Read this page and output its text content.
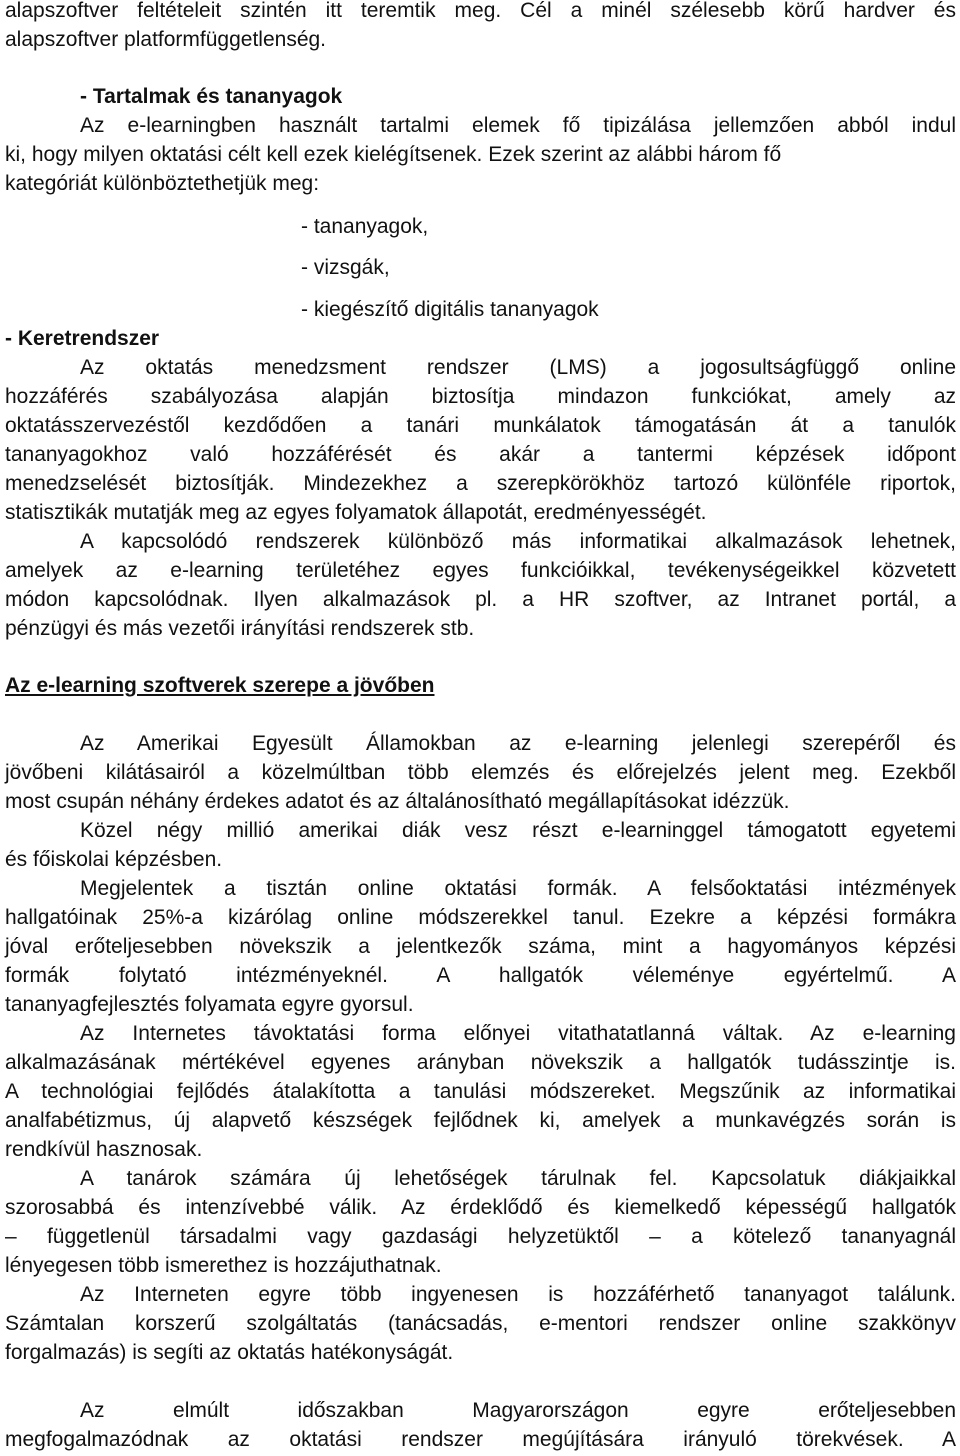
alapszoftver feltételeit szintén itt teremtik meg. Cél a minél szélesebb körű hardver és
alapszoftver platformfüggetlenség.
- Tartalmak és tananyagok
Az e-learningben használt tartalmi elemek fő tipizálása jellemzően abból indul
ki, hogy milyen oktatási célt kell ezek kielégítsenek. Ezek szerint az alábbi három fő
kategóriát különböztethetjük meg:
- tananyagok,
- vizsgák,
- kiegészítő digitális tananyagok
- Keretrendszer
Az oktatás menedzsment rendszer (LMS) a jogosultságfüggő online
hozzáférés szabályozása alapján biztosítja mindazon funkciókat, amely az
oktatásszervezéstől kezdődően a tanári munkálatok támogatásán át a tanulók
tananyagokhoz való hozzáférését és akár a tantermi képzések időpont
menedzselését biztosítják. Mindezekhez a szerepkörökhöz tartozó különféle riportok,
statisztikák mutatják meg az egyes folyamatok állapotát, eredményességét.
A kapcsolódó rendszerek különböző más informatikai alkalmazások lehetnek,
amelyek az e-learning területéhez egyes funkcióikkal, tevékenységeikkel közvetett
módon kapcsolódnak. Ilyen alkalmazások pl. a HR szoftver, az Intranet portál, a
pénzügyi és más vezetői irányítási rendszerek stb.
Az e-learning szoftverek szerepe a jövőben
Az Amerikai Egyesült Államokban az e-learning jelenlegi szerepéről és
jövőbeni kilátásairól a közelmúltban több elemzés és előrejelzés jelent meg. Ezekből
most csupán néhány érdekes adatot és az általánosítható megállapításokat idézzük.
Közel négy millió amerikai diák vesz részt e-learninggel támogatott egyetemi
és főiskolai képzésben.
Megjelentek a tisztán online oktatási formák. A felsőoktatási intézmények
hallgatóinak 25%-a kizárólag online módszerekkel tanul. Ezekre a képzési formákra
jóval erőteljesebben növekszik a jelentkezők száma, mint a hagyományos képzési
formák folytató intézményeknél. A hallgatók véleménye egyértelmű. A
tananyagfejlesztés folyamata egyre gyorsul.
Az Internetes távoktatási forma előnyei vitathatatlanná váltak. Az e-learning
alkalmazásának mértékével egyenes arányban növekszik a hallgatók tudásszintje is.
A technológiai fejlődés átalakította a tanulási módszereket. Megszűnik az informatikai
analfabétizmus, új alapvető készségek fejlődnek ki, amelyek a munkavégzés során is
rendkívül hasznosak.
A tanárok számára új lehetőségek tárulnak fel. Kapcsolatuk diákjaikkal
szorosabbá és intenzívebbé válik. Az érdeklődő és kiemelkedő képességű hallgatók
– függetlenül társadalmi vagy gazdasági helyzetüktől – a kötelező tananyagnál
lényegesen több ismerethez is hozzájuthatnak.
Az Interneten egyre több ingyenesen is hozzáférhető tananyagot találunk.
Számtalan korszerű szolgáltatás (tanácsadás, e-mentori rendszer online szakkönyv
forgalmazás) is segíti az oktatás hatékonyságát.
Az elmúlt időszakban Magyarországon egyre erőteljesebben
megfogalmazódnak az oktatási rendszer megújítására irányuló törekvések. A
